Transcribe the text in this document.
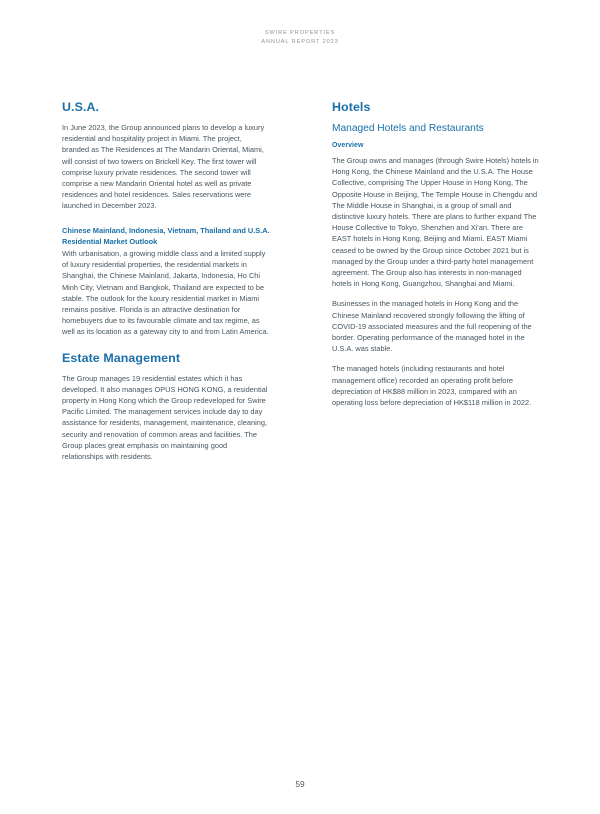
SWIRE PROPERTIES
ANNUAL REPORT 2023
U.S.A.

In June 2023, the Group announced plans to develop a luxury residential and hospitality project in Miami. The project, branded as The Residences at The Mandarin Oriental, Miami, will consist of two towers on Brickell Key. The first tower will comprise luxury private residences. The second tower will comprise a new Mandarin Oriental hotel as well as private residences and hotel residences. Sales reservations were launched in December 2023.

Chinese Mainland, Indonesia, Vietnam, Thailand and U.S.A. Residential Market Outlook

With urbanisation, a growing middle class and a limited supply of luxury residential properties, the residential markets in Shanghai, the Chinese Mainland, Jakarta, Indonesia, Ho Chi Minh City, Vietnam and Bangkok, Thailand are expected to be stable. The outlook for the luxury residential market in Miami remains positive. Florida is an attractive destination for homebuyers due to its favourable climate and tax regime, as well as its location as a gateway city to and from Latin America.

Estate Management

The Group manages 19 residential estates which it has developed. It also manages OPUS HONG KONG, a residential property in Hong Kong which the Group redeveloped for Swire Pacific Limited. The management services include day to day assistance for residents, management, maintenance, cleaning, security and renovation of common areas and facilities. The Group places great emphasis on maintaining good relationships with residents.

Hotels
Managed Hotels and Restaurants
Overview

The Group owns and manages (through Swire Hotels) hotels in Hong Kong, the Chinese Mainland and the U.S.A. The House Collective, comprising The Upper House in Hong Kong, The Opposite House in Beijing, The Temple House in Chengdu and The Middle House in Shanghai, is a group of small and distinctive luxury hotels. There are plans to further expand The House Collective to Tokyo, Shenzhen and Xi'an. There are EAST hotels in Hong Kong, Beijing and Miami. EAST Miami ceased to be owned by the Group since October 2021 but is managed by the Group under a third-party hotel management agreement. The Group also has interests in non-managed hotels in Hong Kong, Guangzhou, Shanghai and Miami.

Businesses in the managed hotels in Hong Kong and the Chinese Mainland recovered strongly following the lifting of COVID-19 associated measures and the full reopening of the border. Operating performance of the managed hotel in the U.S.A. was stable.

The managed hotels (including restaurants and hotel management office) recorded an operating profit before depreciation of HK$88 million in 2023, compared with an operating loss before depreciation of HK$118 million in 2022.

59
